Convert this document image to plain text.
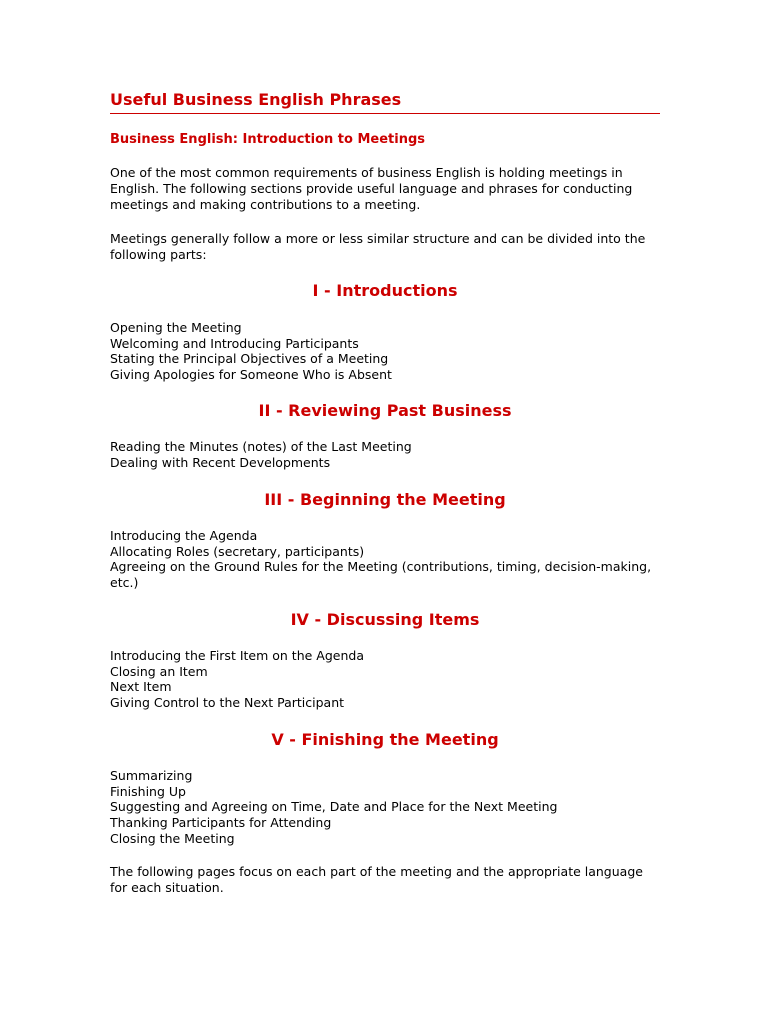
Useful Business English Phrases
Business English: Introduction to Meetings

One of the most common requirements of business English is holding meetings in English. The following sections provide useful language and phrases for conducting meetings and making contributions to a meeting.

Meetings generally follow a more or less similar structure and can be divided into the following parts:

I - Introductions
Opening the Meeting
Welcoming and Introducing Participants
Stating the Principal Objectives of a Meeting
Giving Apologies for Someone Who is Absent
II - Reviewing Past Business
Reading the Minutes (notes) of the Last Meeting
Dealing with Recent Developments
III - Beginning the Meeting
Introducing the Agenda
Allocating Roles (secretary, participants)
Agreeing on the Ground Rules for the Meeting (contributions, timing, decision-making, etc.)
IV - Discussing Items
Introducing the First Item on the Agenda
Closing an Item
Next Item
Giving Control to the Next Participant
V - Finishing the Meeting
Summarizing
Finishing Up
Suggesting and Agreeing on Time, Date and Place for the Next Meeting
Thanking Participants for Attending
Closing the Meeting

The following pages focus on each part of the meeting and the appropriate language for each situation.
